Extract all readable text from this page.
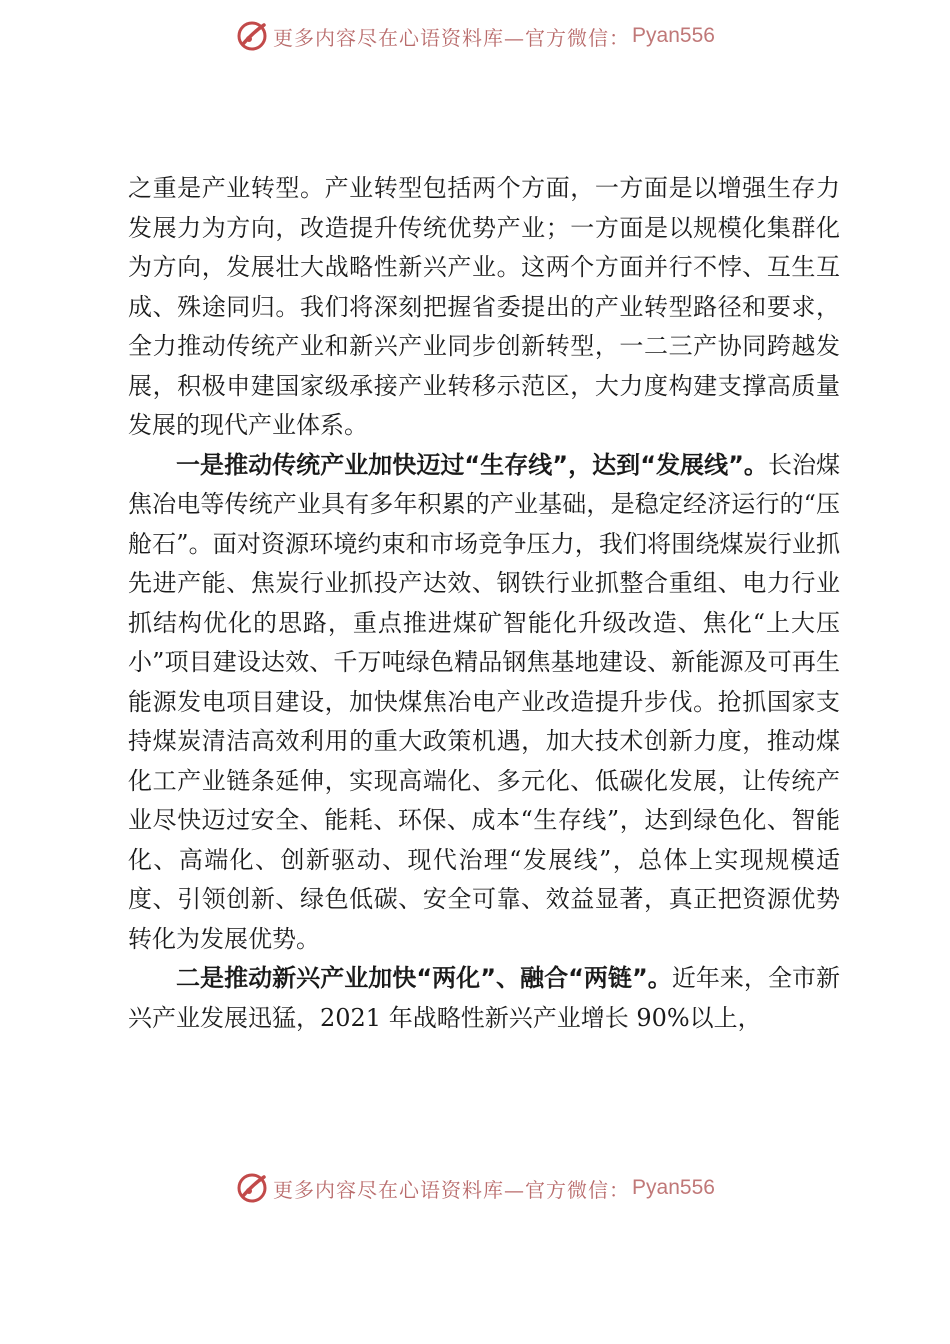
更多内容尽在心语资料库—官方微信： Pyan556

之重是产业转型。产业转型包括两个方面，一方面是以增强生存力发展力为方向，改造提升传统优势产业；一方面是以规模化集群化为方向，发展壮大战略性新兴产业。这两个方面并行不悖、互生互成、殊途同归。我们将深刻把握省委提出的产业转型路径和要求，全力推动传统产业和新兴产业同步创新转型，一二三产协同跨越发展，积极申建国家级承接产业转移示范区，大力度构建支撑高质量发展的现代产业体系。

一是推动传统产业加快迈过“生存线”，达到“发展线”。长治煤焦冶电等传统产业具有多年积累的产业基础，是稳定经济运行的“压舱石”。面对资源环境约束和市场竞争压力，我们将围绕煤炭行业抓先进产能、焦炭行业抓投产达效、钢铁行业抓整合重组、电力行业抓结构优化的思路，重点推进煤矿智能化升级改造、焦化“上大压小”项目建设达效、千万吨绿色精品钢焦基地建设、新能源及可再生能源发电项目建设，加快煤焦冶电产业改造提升步伐。抢抓国家支持煤炭清洁高效利用的重大政策机遇，加大技术创新力度，推动煤化工产业链条延伸，实现高端化、多元化、低碳化发展，让传统产业尽快迈过安全、能耗、环保、成本“生存线”，达到绿色化、智能化、高端化、创新驱动、现代治理“发展线”，总体上实现规模适度、引领创新、绿色低碳、安全可靠、效益显著，真正把资源优势转化为发展优势。

二是推动新兴产业加快“两化”、融合“两链”。近年来，全市新兴产业发展迅猛，2021 年战略性新兴产业增长 90%以上，

更多内容尽在心语资料库—官方微信： Pyan556
